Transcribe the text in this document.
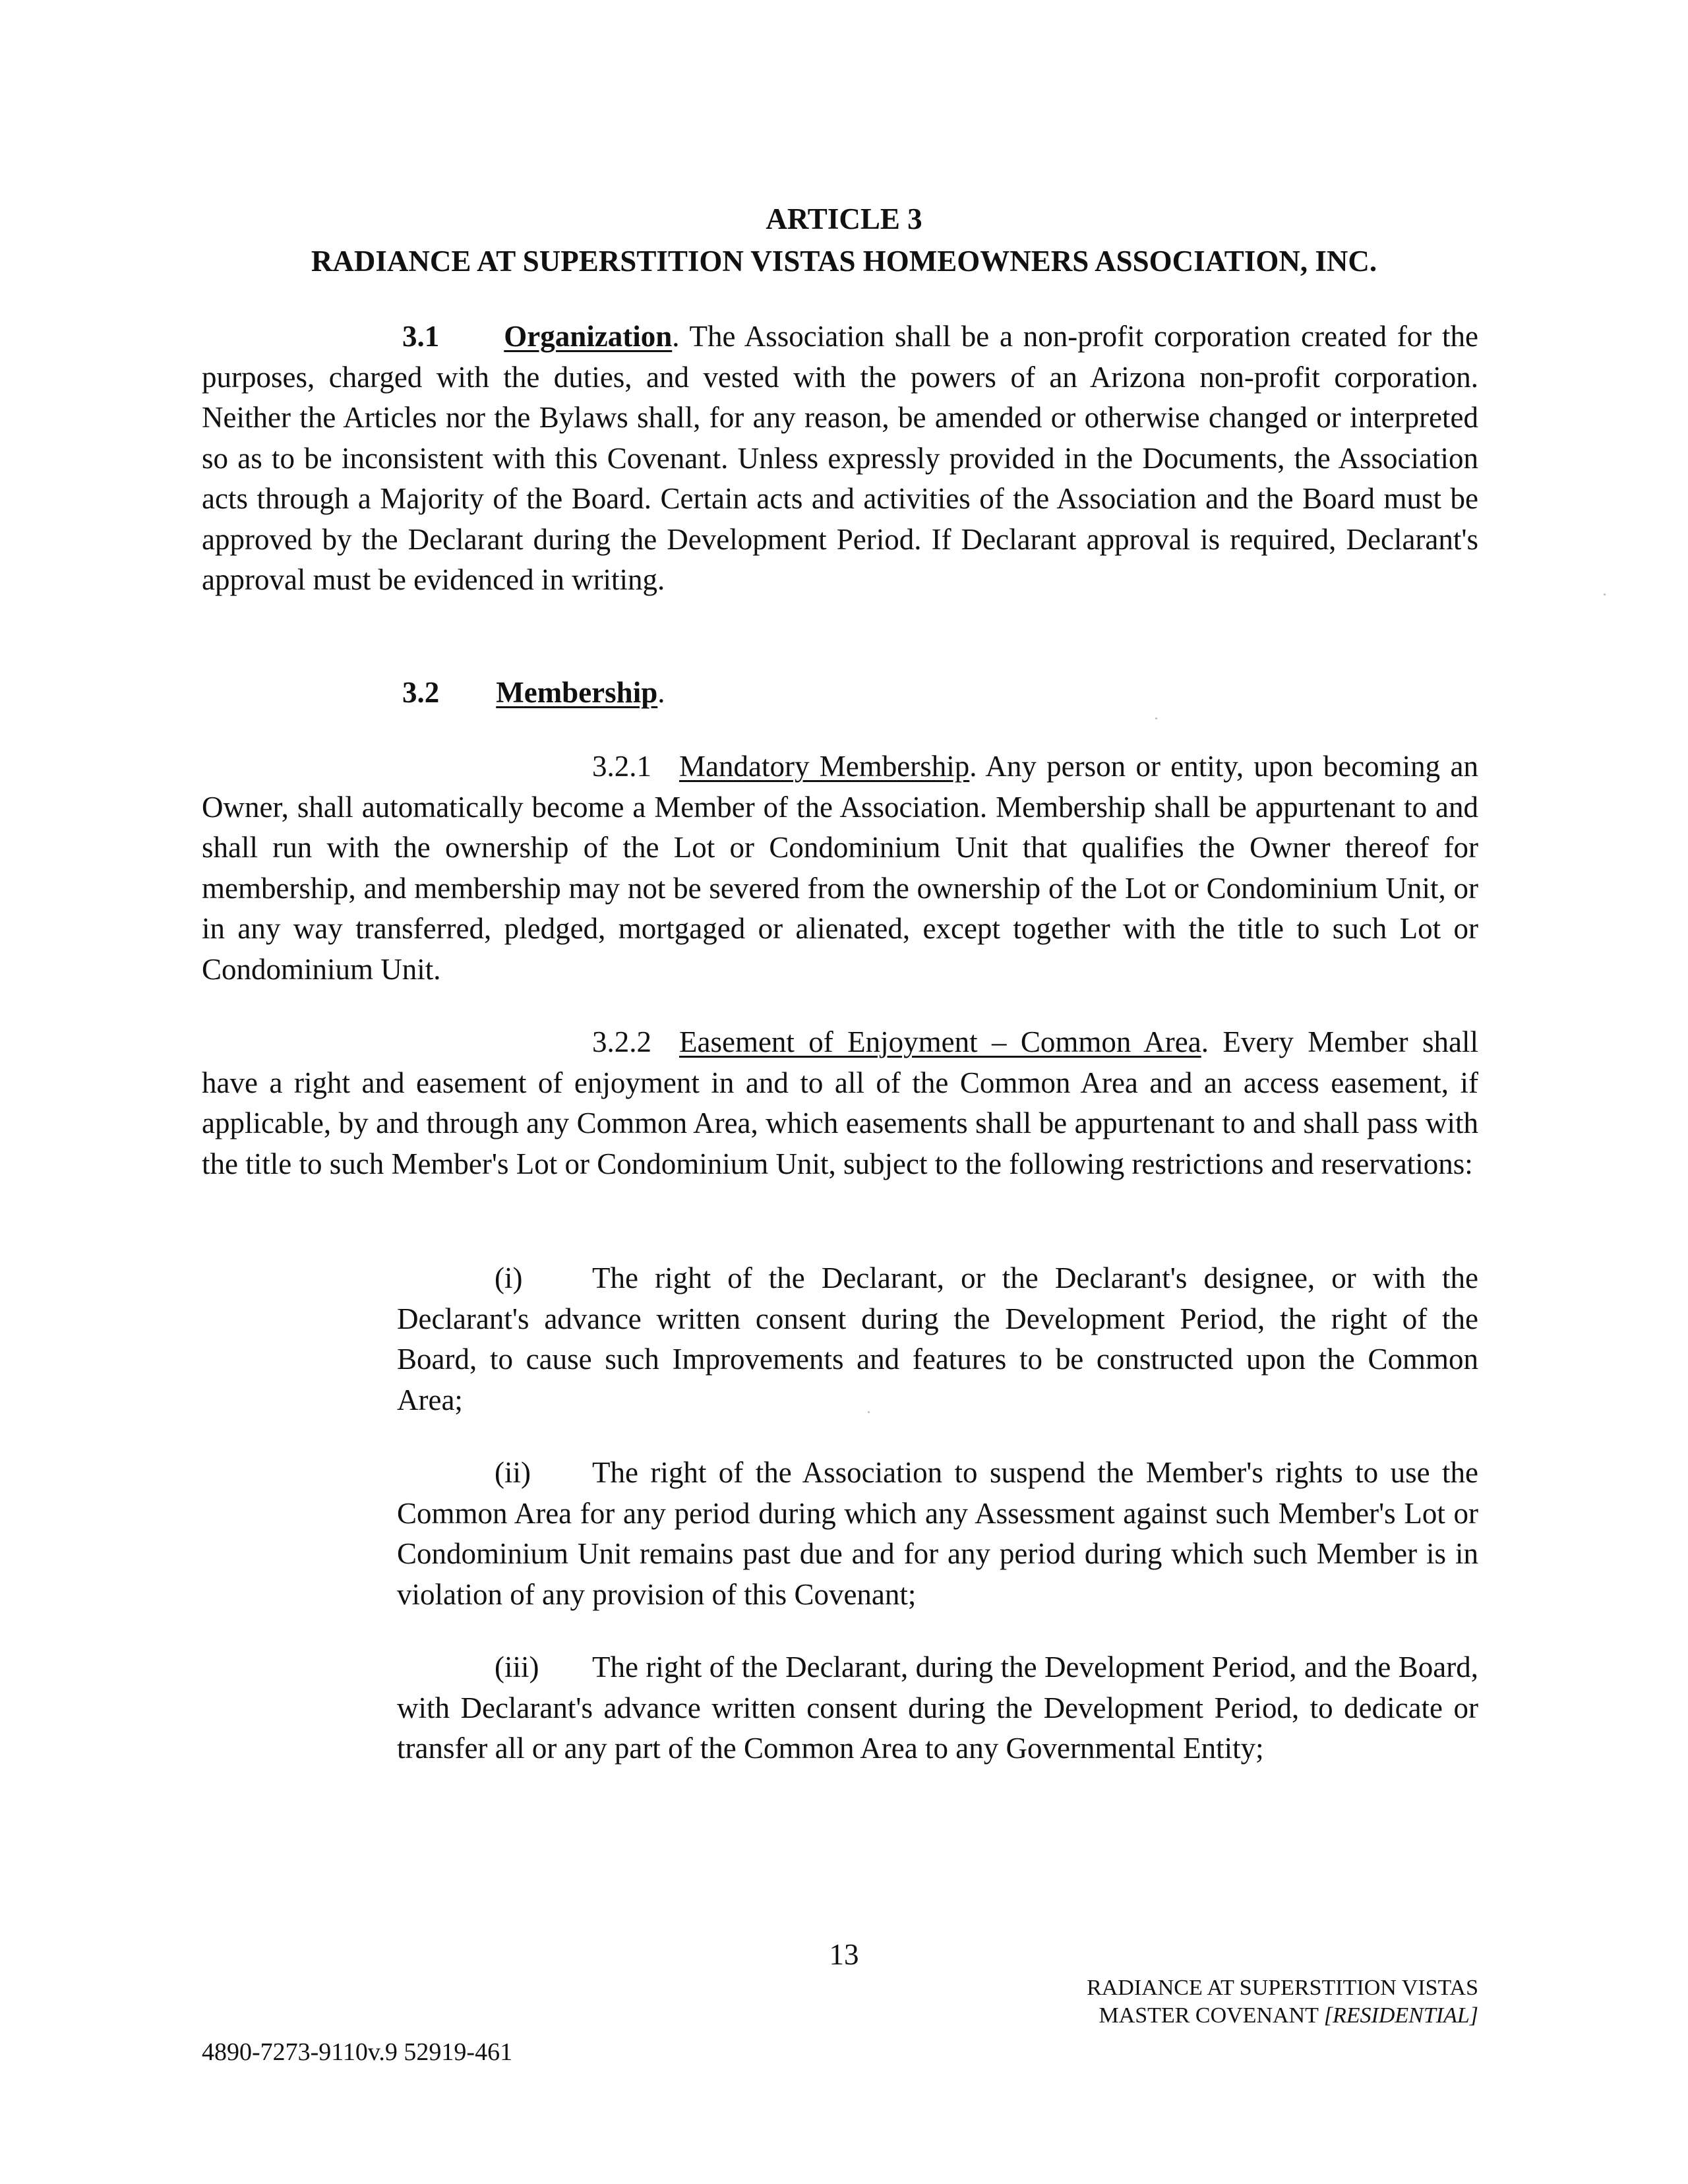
ARTICLE 3
RADIANCE AT SUPERSTITION VISTAS HOMEOWNERS ASSOCIATION, INC.
3.1 Organization. The Association shall be a non-profit corporation created for the purposes, charged with the duties, and vested with the powers of an Arizona non-profit corporation. Neither the Articles nor the Bylaws shall, for any reason, be amended or otherwise changed or interpreted so as to be inconsistent with this Covenant. Unless expressly provided in the Documents, the Association acts through a Majority of the Board. Certain acts and activities of the Association and the Board must be approved by the Declarant during the Development Period. If Declarant approval is required, Declarant's approval must be evidenced in writing.
3.2 Membership.
3.2.1 Mandatory Membership. Any person or entity, upon becoming an Owner, shall automatically become a Member of the Association. Membership shall be appurtenant to and shall run with the ownership of the Lot or Condominium Unit that qualifies the Owner thereof for membership, and membership may not be severed from the ownership of the Lot or Condominium Unit, or in any way transferred, pledged, mortgaged or alienated, except together with the title to such Lot or Condominium Unit.
3.2.2 Easement of Enjoyment – Common Area. Every Member shall have a right and easement of enjoyment in and to all of the Common Area and an access easement, if applicable, by and through any Common Area, which easements shall be appurtenant to and shall pass with the title to such Member's Lot or Condominium Unit, subject to the following restrictions and reservations:
(i) The right of the Declarant, or the Declarant's designee, or with the Declarant's advance written consent during the Development Period, the right of the Board, to cause such Improvements and features to be constructed upon the Common Area;
(ii) The right of the Association to suspend the Member's rights to use the Common Area for any period during which any Assessment against such Member's Lot or Condominium Unit remains past due and for any period during which such Member is in violation of any provision of this Covenant;
(iii) The right of the Declarant, during the Development Period, and the Board, with Declarant's advance written consent during the Development Period, to dedicate or transfer all or any part of the Common Area to any Governmental Entity;
13
RADIANCE AT SUPERSTITION VISTAS
MASTER COVENANT [RESIDENTIAL]
4890-7273-9110v.9 52919-461
